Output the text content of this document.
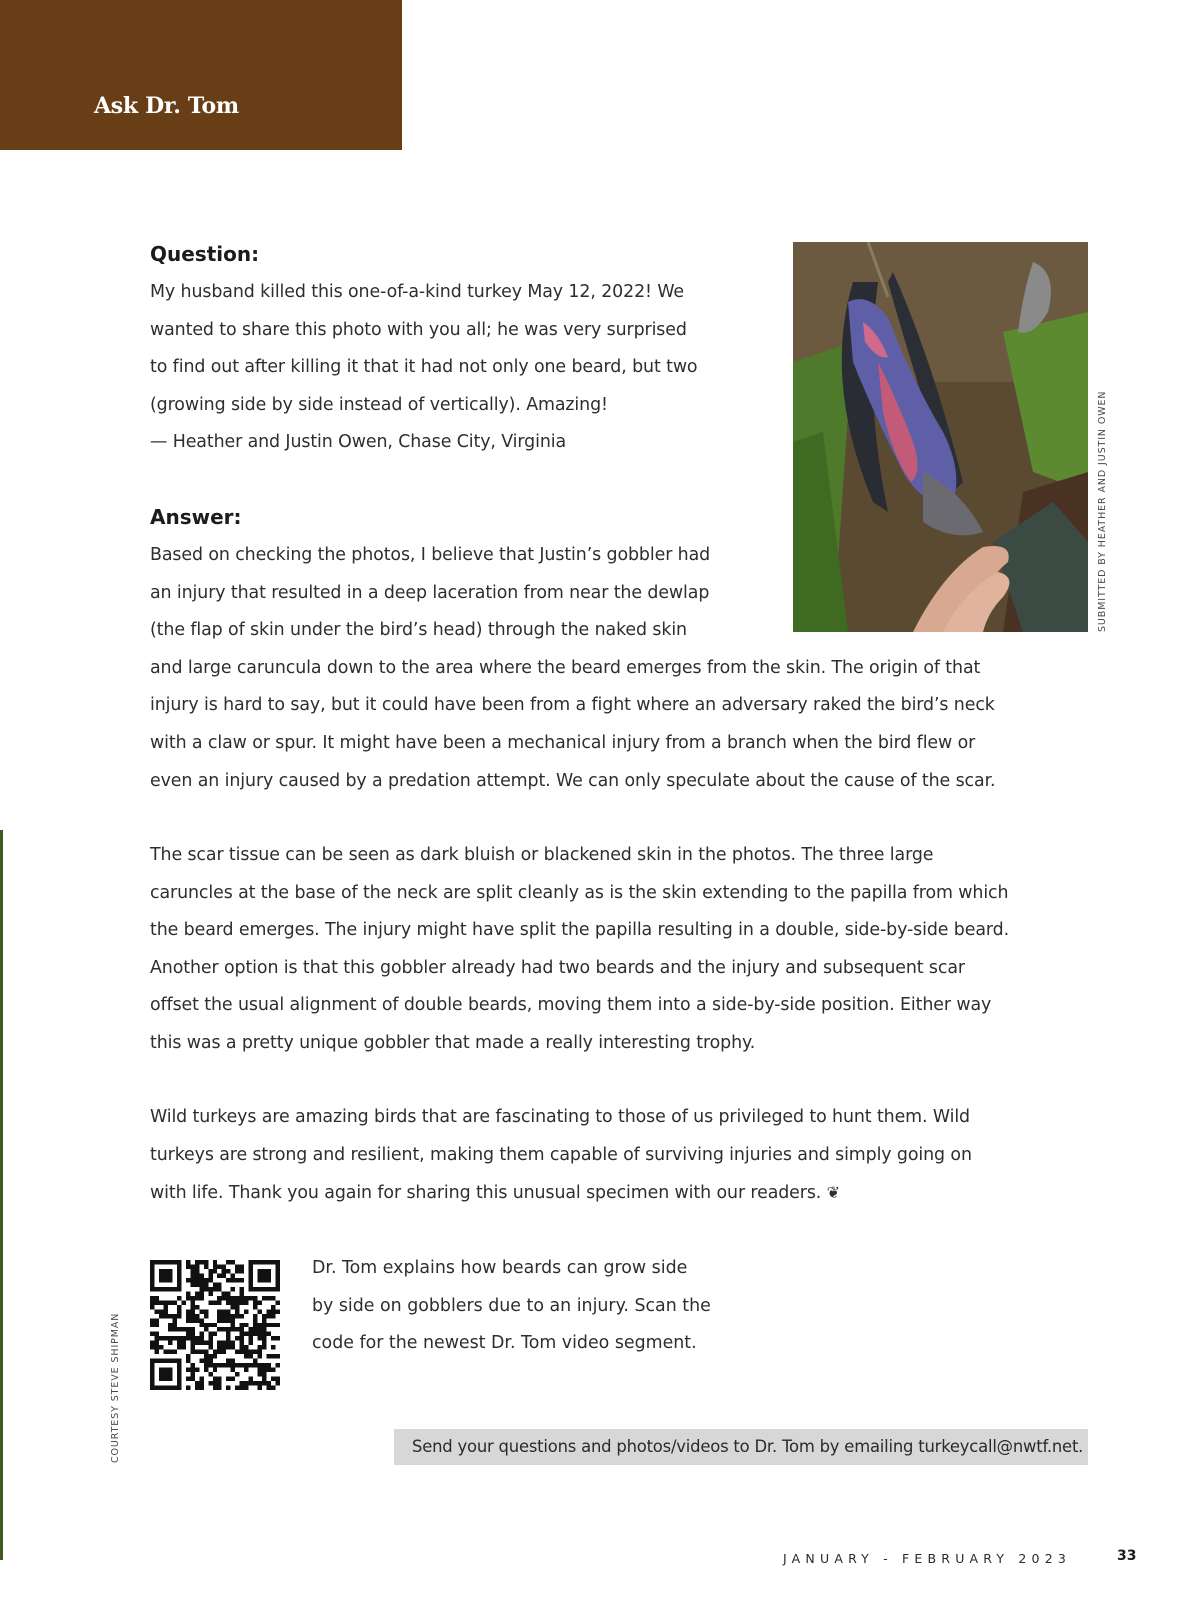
Ask Dr. Tom
Question:

My husband killed this one-of-a-kind turkey May 12, 2022! We

wanted to share this photo with you all; he was very surprised

to find out after killing it that it had not only one beard, but two

(growing side by side instead of vertically). Amazing!

— Heather and Justin Owen, Chase City, Virginia

Answer:

Based on checking the photos, I believe that Justin’s gobbler had

an injury that resulted in a deep laceration from near the dewlap

(the flap of skin under the bird’s head) through the naked skin

and large caruncula down to the area where the beard emerges from the skin. The origin of that

injury is hard to say, but it could have been from a fight where an adversary raked the bird’s neck

with a claw or spur. It might have been a mechanical injury from a branch when the bird flew or

even an injury caused by a predation attempt. We can only speculate about the cause of the scar.

The scar tissue can be seen as dark bluish or blackened skin in the photos. The three large

caruncles at the base of the neck are split cleanly as is the skin extending to the papilla from which

the beard emerges. The injury might have split the papilla resulting in a double, side-by-side beard.

Another option is that this gobbler already had two beards and the injury and subsequent scar

offset the usual alignment of double beards, moving them into a side-by-side position. Either way

this was a pretty unique gobbler that made a really interesting trophy.

Wild turkeys are amazing birds that are fascinating to those of us privileged to hunt them. Wild

turkeys are strong and resilient, making them capable of surviving injuries and simply going on

with life. Thank you again for sharing this unusual specimen with our readers. ❦

SUBMITTED BY HEATHER AND JUSTIN OWEN

Dr. Tom explains how beards can grow side

by side on gobblers due to an injury. Scan the

code for the newest Dr. Tom video segment.

COURTESY STEVE SHIPMAN	Send your questions and photos/videos to Dr. Tom by emailing turkeycall@nwtf.net.
JANUARY - FEBRUARY 2023	33
